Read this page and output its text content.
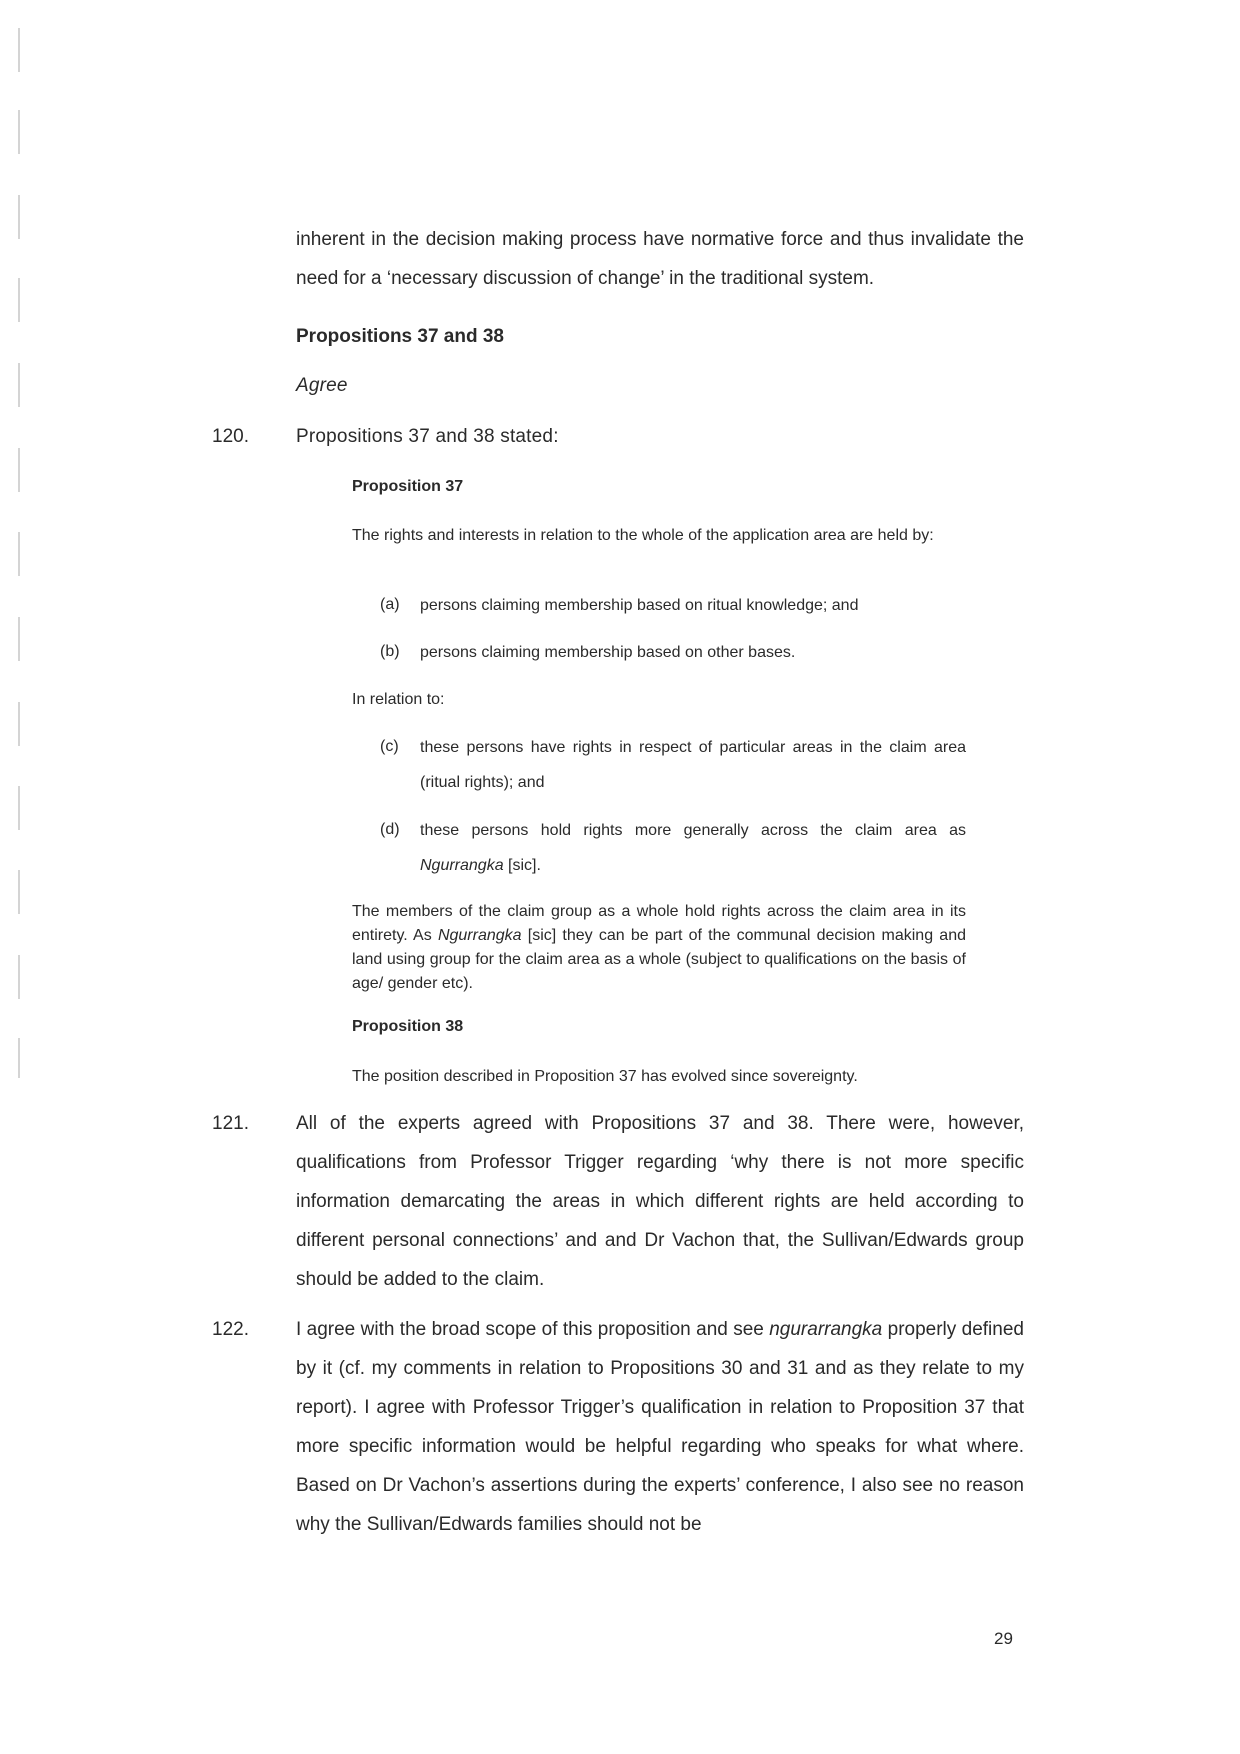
inherent in the decision making process have normative force and thus invalidate the need for a ‘necessary discussion of change’ in the traditional system.
Propositions 37 and 38
Agree
120. Propositions 37 and 38 stated:
Proposition 37
The rights and interests in relation to the whole of the application area are held by:
(a) persons claiming membership based on ritual knowledge; and
(b) persons claiming membership based on other bases.
In relation to:
(c) these persons have rights in respect of particular areas in the claim area (ritual rights); and
(d) these persons hold rights more generally across the claim area as Ngurrangka [sic].
The members of the claim group as a whole hold rights across the claim area in its entirety. As Ngurrangka [sic] they can be part of the communal decision making and land using group for the claim area as a whole (subject to qualifications on the basis of age/ gender etc).
Proposition 38
The position described in Proposition 37 has evolved since sovereignty.
121. All of the experts agreed with Propositions 37 and 38. There were, however, qualifications from Professor Trigger regarding ‘why there is not more specific information demarcating the areas in which different rights are held according to different personal connections’ and and Dr Vachon that, the Sullivan/Edwards group should be added to the claim.
122. I agree with the broad scope of this proposition and see ngurarrangka properly defined by it (cf. my comments in relation to Propositions 30 and 31 and as they relate to my report). I agree with Professor Trigger’s qualification in relation to Proposition 37 that more specific information would be helpful regarding who speaks for what where. Based on Dr Vachon’s assertions during the experts’ conference, I also see no reason why the Sullivan/Edwards families should not be
29
